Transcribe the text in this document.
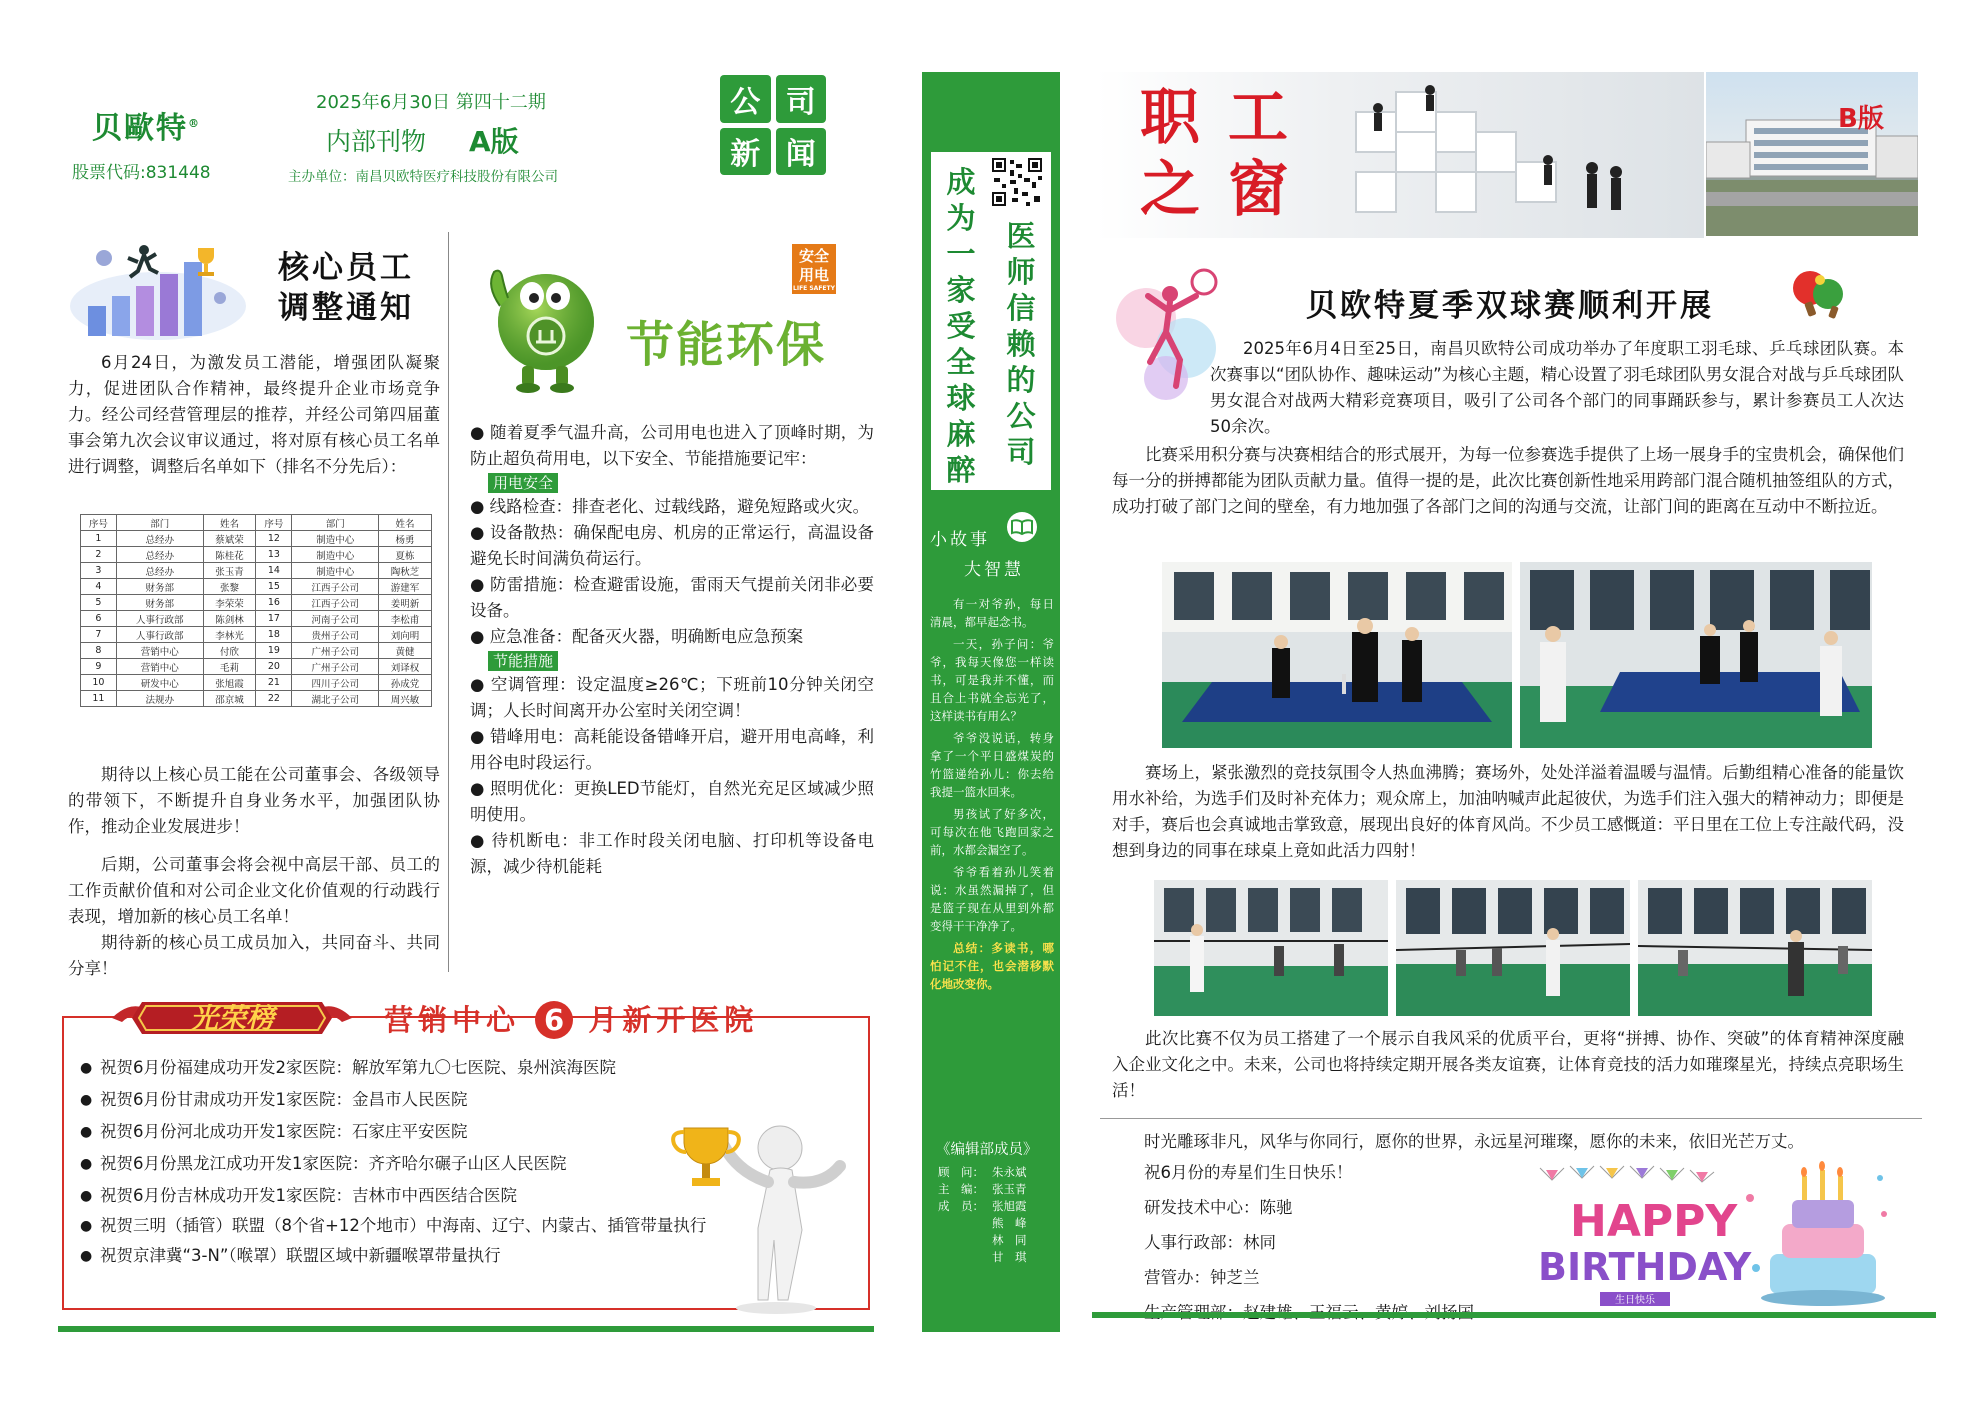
贝歐特®
股票代码:831448
2025年6月30日 第四十二期
内部刊物 A版
主办单位：南昌贝欧特医疗科技股份有限公司
公 司
新 闻
核心员工
调整通知
6月24日，为激发员工潜能，增强团队凝聚力，促进团队合作精神，最终提升企业市场竞争力。经公司经营管理层的推荐，并经公司第四届董事会第九次会议审议通过，将对原有核心员工名单进行调整，调整后名单如下（排名不分先后）：
序号	部门	姓名	序号	部门	姓名
1	总经办	蔡斌荣	12	制造中心	杨勇
2	总经办	陈桂花	13	制造中心	夏栋
3	总经办	张玉青	14	制造中心	陶秋芝
4	财务部	张黎	15	江西子公司	游建军
5	财务部	李荣荣	16	江西子公司	姜明新
6	人事行政部	陈剑林	17	河南子公司	李松甫
7	人事行政部	李林光	18	贵州子公司	刘向明
8	营销中心	付欣	19	广州子公司	黄健
9	营销中心	毛莉	20	广州子公司	刘译权
10	研发中心	张旭霞	21	四川子公司	孙成党
11	法规办	邵京城	22	湖北子公司	周兴敏
期待以上核心员工能在公司董事会、各级领导的带领下，不断提升自身业务水平，加强团队协作，推动企业发展进步！
后期，公司董事会将会视中高层干部、员工的工作贡献价值和对公司企业文化价值观的行动践行表现，增加新的核心员工名单！
期待新的核心员工成员加入，共同奋斗、共同分享！
安全用电
LIFE SAFETY
节能环保
● 随着夏季气温升高，公司用电也进入了顶峰时期，为防止超负荷用电，以下安全、节能措施要记牢：
用电安全
● 线路检查：排查老化、过载线路，避免短路或火灾。
● 设备散热：确保配电房、机房的正常运行，高温设备避免长时间满负荷运行。
● 防雷措施：检查避雷设施，雷雨天气提前关闭非必要设备。
● 应急准备：配备灭火器，明确断电应急预案
节能措施
● 空调管理：设定温度≥26℃；下班前10分钟关闭空调；人长时间离开办公室时关闭空调！
● 错峰用电：高耗能设备错峰开启，避开用电高峰，利用谷电时段运行。
● 照明优化：更换LED节能灯，自然光充足区域减少照明使用。
● 待机断电：非工作时段关闭电脑、打印机等设备电源，减少待机能耗
光荣榜	营销中心 6 月新开医院
● 祝贺6月份福建成功开发2家医院：解放军第九〇七医院、泉州滨海医院
● 祝贺6月份甘肃成功开发1家医院：金昌市人民医院
● 祝贺6月份河北成功开发1家医院：石家庄平安医院
● 祝贺6月份黑龙江成功开发1家医院：齐齐哈尔碾子山区人民医院
● 祝贺6月份吉林成功开发1家医院：吉林市中西医结合医院
● 祝贺三明（插管）联盟（8个省+12个地市）中海南、辽宁、内蒙古、插管带量执行
● 祝贺京津冀“3-N”（喉罩）联盟区域中新疆喉罩带量执行
成为一家受全球麻醉
医师信赖的公司
小故事
大智慧

有一对爷孙，每日清晨，都早起念书。

一天，孙子问：爷爷，我每天像您一样读书，可是我并不懂，而且合上书就全忘光了，这样读书有用么？

爷爷没说话，转身拿了一个平日盛煤炭的竹篮递给孙儿：你去给我提一篮水回来。

男孩试了好多次，可每次在他飞跑回家之前，水都会漏空了。

爷爷看着孙儿笑着说：水虽然漏掉了，但是篮子现在从里到外都变得干干净净了。

总结：多读书，哪怕记不住，也会潜移默化地改变你。

《编辑部成员》
顾　问： 朱永斌
主　编： 张玉青
成　员： 张旭霞
熊　峰
林　同
甘　琪
职 工
之 窗
B版
贝欧特夏季双球赛顺利开展
2025年6月4日至25日，南昌贝欧特公司成功举办了年度职工羽毛球、乒乓球团队赛。本次赛事以“团队协作、趣味运动”为核心主题，精心设置了羽毛球团队男女混合对战与乒乓球团队男女混合对战两大精彩竞赛项目，吸引了公司各个部门的同事踊跃参与，累计参赛员工人次达50余次。
比赛采用积分赛与决赛相结合的形式展开，为每一位参赛选手提供了上场一展身手的宝贵机会，确保他们每一分的拼搏都能为团队贡献力量。值得一提的是，此次比赛创新性地采用跨部门混合随机抽签组队的方式，成功打破了部门之间的壁垒，有力地加强了各部门之间的沟通与交流，让部门间的距离在互动中不断拉近。
赛场上，紧张激烈的竞技氛围令人热血沸腾；赛场外，处处洋溢着温暖与温情。后勤组精心准备的能量饮用水补给，为选手们及时补充体力；观众席上，加油呐喊声此起彼伏，为选手们注入强大的精神动力；即便是对手，赛后也会真诚地击掌致意，展现出良好的体育风尚。不少员工感慨道：平日里在工位上专注敲代码，没想到身边的同事在球桌上竟如此活力四射！
此次比赛不仅为员工搭建了一个展示自我风采的优质平台，更将“拼搏、协作、突破”的体育精神深度融入企业文化之中。未来，公司也将持续定期开展各类友谊赛，让体育竞技的活力如璀璨星光，持续点亮职场生活！
时光雕琢非凡，风华与你同行，愿你的世界，永远星河璀璨，愿你的未来，依旧光芒万丈。
祝6月份的寿星们生日快乐！
研发技术中心：陈驰
人事行政部：林同
营管办：钟芝兰
HAPPY
BIRTHDAY
生日快乐
